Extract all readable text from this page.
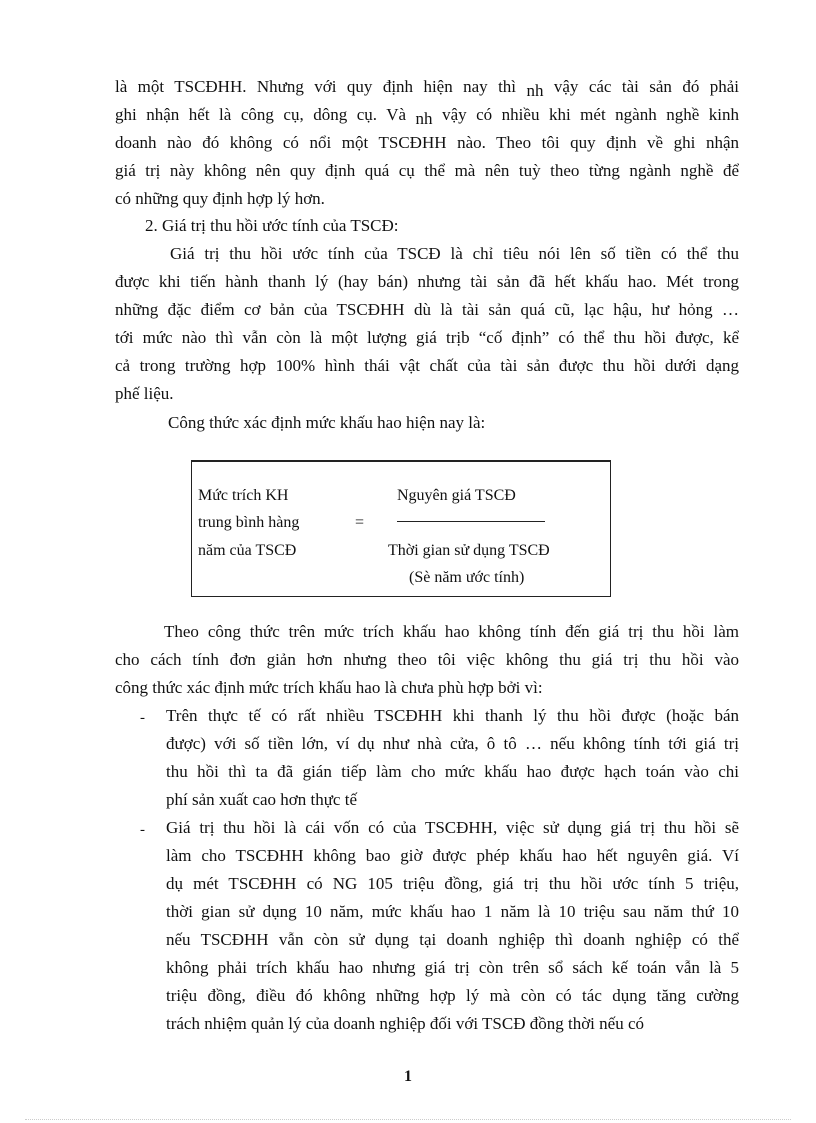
là một TSCĐHH. Nhưng với quy định hiện nay thì nh vậy các tài sản đó phải
ghi nhận hết là công cụ, dông cụ. Và nh vậy có nhiều khi mét ngành nghề kinh
doanh nào đó không có nổi một TSCĐHH nào. Theo tôi quy định về ghi nhận
giá trị này không nên quy định quá cụ thể mà nên tuỳ theo từng ngành nghề để
có những quy định hợp lý hơn.
2. Giá trị thu hồi ước tính của TSCĐ:
Giá trị thu hồi ước tính của TSCĐ là chỉ tiêu nói lên số tiền có thể thu
được khi tiến hành thanh lý (hay bán) nhưng tài sản đã hết khấu hao. Mét trong
những đặc điểm cơ bản của TSCĐHH dù là tài sản quá cũ, lạc hậu, hư hỏng …
tới mức nào thì vẫn còn là một lượng giá trịb “cố định” có thể thu hồi được, kể
cả trong trường hợp 100% hình thái vật chất của tài sản được thu hồi dưới dạng
phế liệu.
Công thức xác định mức khấu hao hiện nay là:
Mức trích KH
trung bình hàng
năm của TSCĐ
=
Nguyên giá TSCĐ
Thời gian sử dụng TSCĐ
(Sè năm ước tính)
Theo công thức trên mức trích khấu hao không tính đến giá trị thu hồi làm
cho cách tính đơn giản hơn nhưng theo tôi việc không thu giá trị thu hồi vào
công thức xác định mức trích khấu hao là chưa phù hợp bởi vì:
- Trên thực tế có rất nhiều TSCĐHH khi thanh lý thu hồi được (hoặc bán
được) với số tiền lớn, ví dụ như nhà cửa, ô tô … nếu không tính tới giá trị
thu hồi thì ta đã gián tiếp làm cho mức khấu hao được hạch toán vào chi
phí sản xuất cao hơn thực tế
- Giá trị thu hồi là cái vốn có của TSCĐHH, việc sử dụng giá trị thu hồi sẽ
làm cho TSCĐHH không bao giờ được phép khấu hao hết nguyên giá. Ví
dụ mét TSCĐHH có NG 105 triệu đồng, giá trị thu hồi ước tính 5 triệu,
thời gian sử dụng 10 năm, mức khấu hao 1 năm là 10 triệu sau năm thứ 10
nếu TSCĐHH vẫn còn sử dụng tại doanh nghiệp thì doanh nghiệp có thể
không phải trích khấu hao nhưng giá trị còn trên sổ sách kế toán vẫn là 5
triệu đồng, điều đó không những hợp lý mà còn có tác dụng tăng cường
trách nhiệm quản lý của doanh nghiệp đối với TSCĐ đồng thời nếu có
1
